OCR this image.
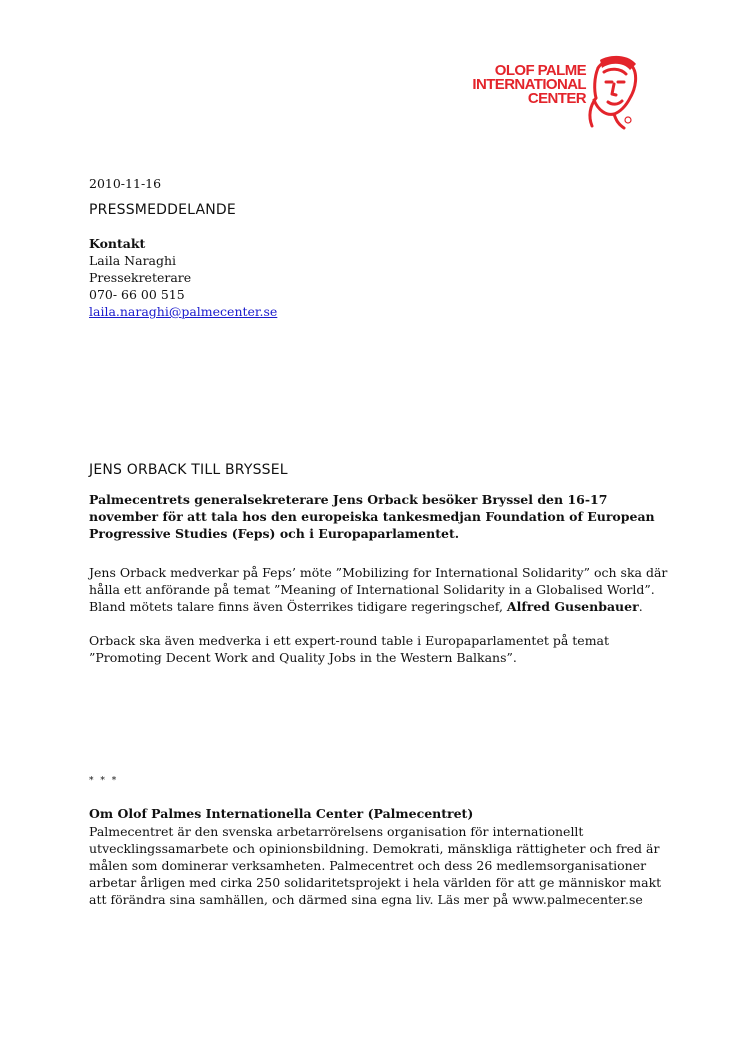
OLOF PALME
INTERNATIONAL
CENTER
2010-11-16
PRESSMEDDELANDE
Kontakt
Laila Naraghi
Pressekreterare
070- 66 00 515
laila.naraghi@palmecenter.se
JENS ORBACK TILL BRYSSEL
Palmecentrets generalsekreterare Jens Orback besöker Bryssel den 16-17 november för att tala hos den europeiska tankesmedjan Foundation of European Progressive Studies (Feps) och i Europaparlamentet.
Jens Orback medverkar på Feps’ möte ”Mobilizing for International Solidarity” och ska där hålla ett anförande på temat ”Meaning of International Solidarity in a Globalised World”. Bland mötets talare finns även Österrikes tidigare regeringschef, Alfred Gusenbauer.
Orback ska även medverka i ett expert-round table i Europaparlamentet på temat ”Promoting Decent Work and Quality Jobs in the Western Balkans”.
* * *
Om Olof Palmes Internationella Center (Palmecentret)
Palmecentret är den svenska arbetarrörelsens organisation för internationellt utvecklingssamarbete och opinionsbildning. Demokrati, mänskliga rättigheter och fred är målen som dominerar verksamheten. Palmecentret och dess 26 medlemsorganisationer arbetar årligen med cirka 250 solidaritetsprojekt i hela världen för att ge människor makt att förändra sina samhällen, och därmed sina egna liv. Läs mer på www.palmecenter.se
